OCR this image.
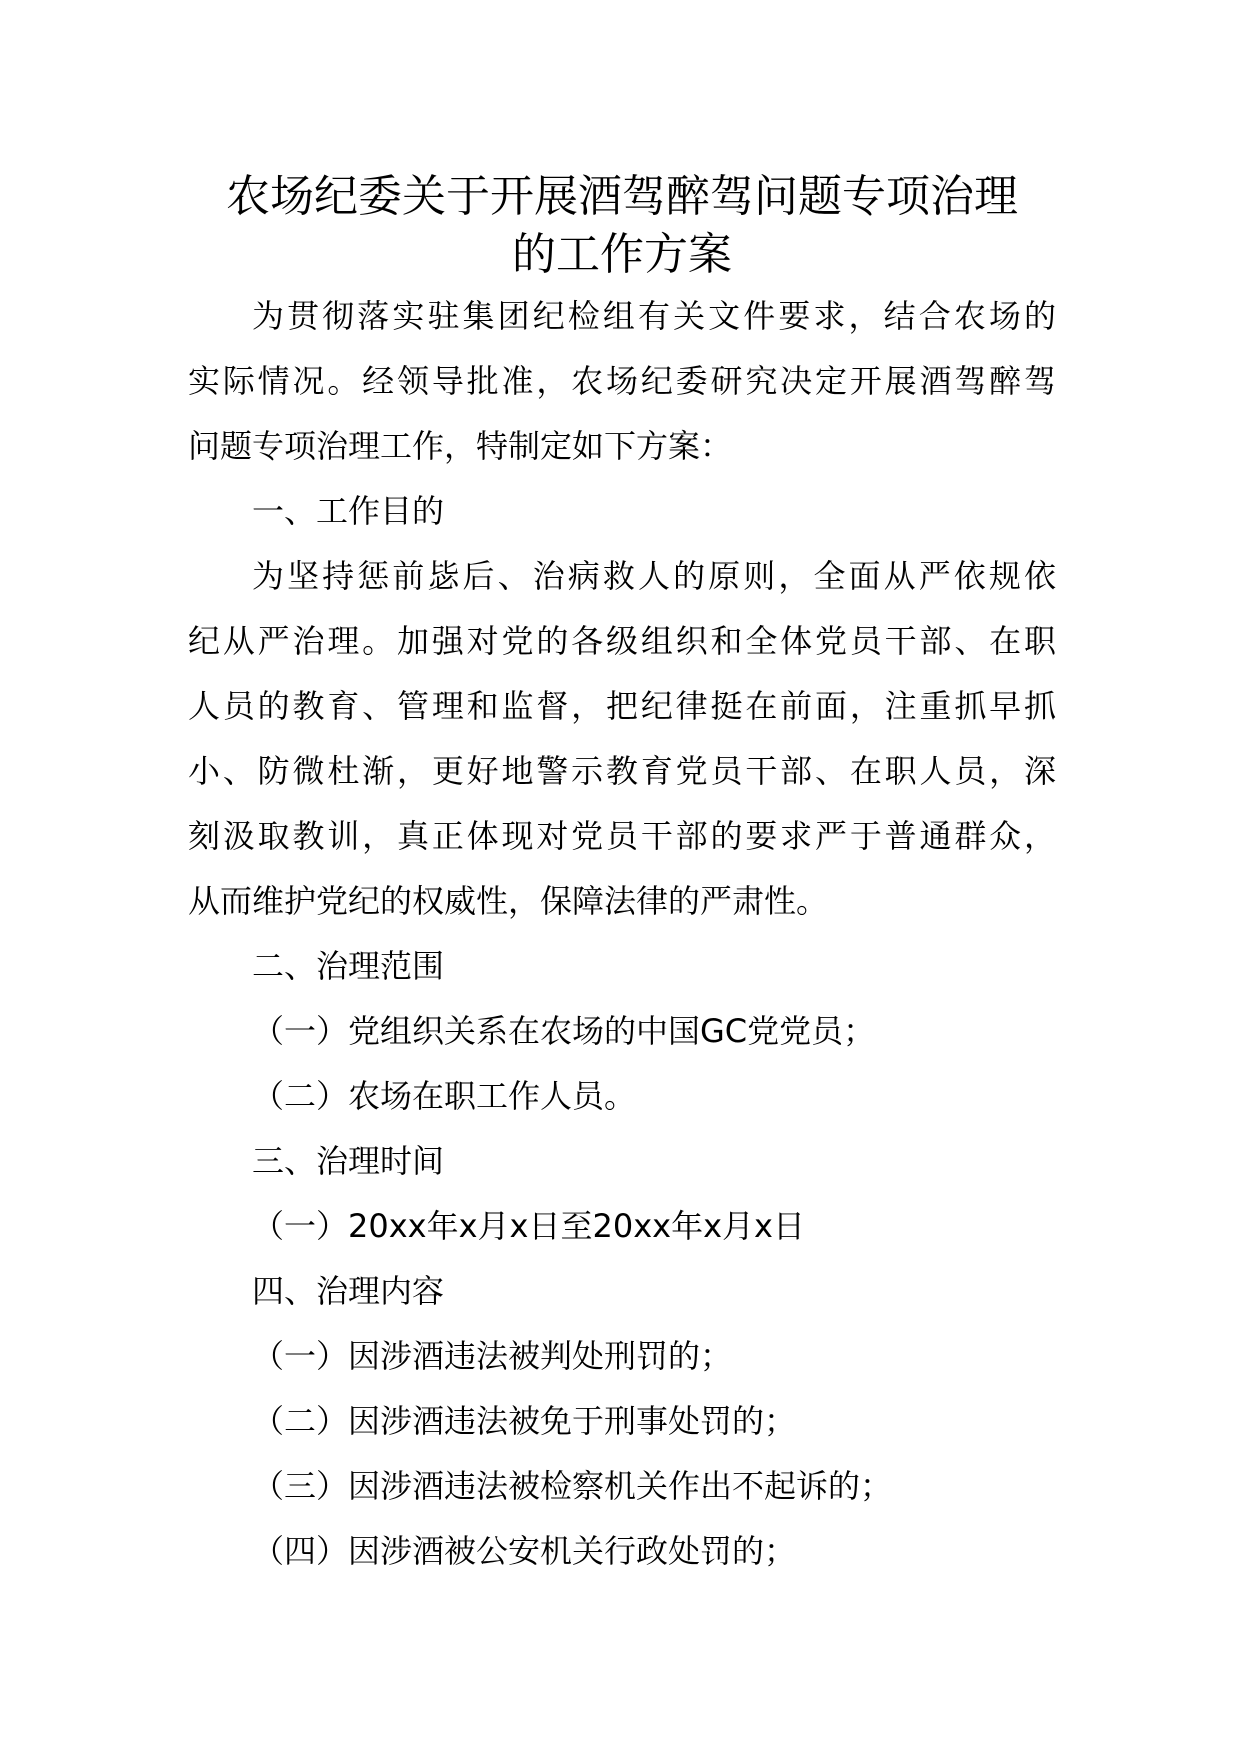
农场纪委关于开展酒驾醉驾问题专项治理
的工作方案
为贯彻落实驻集团纪检组有关文件要求，结合农场的
实际情况。经领导批准，农场纪委研究决定开展酒驾醉驾
问题专项治理工作，特制定如下方案：

一、工作目的

为坚持惩前毖后、治病救人的原则，全面从严依规依
纪从严治理。加强对党的各级组织和全体党员干部、在职
人员的教育、管理和监督，把纪律挺在前面，注重抓早抓
小、防微杜渐，更好地警示教育党员干部、在职人员，深
刻汲取教训，真正体现对党员干部的要求严于普通群众，
从而维护党纪的权威性，保障法律的严肃性。

二、治理范围

（一）党组织关系在农场的中国GC党党员；

（二）农场在职工作人员。

三、治理时间

（一）20xx年x月x日至20xx年x月x日

四、治理内容

（一）因涉酒违法被判处刑罚的；

（二）因涉酒违法被免于刑事处罚的；

（三）因涉酒违法被检察机关作出不起诉的；

（四）因涉酒被公安机关行政处罚的；
